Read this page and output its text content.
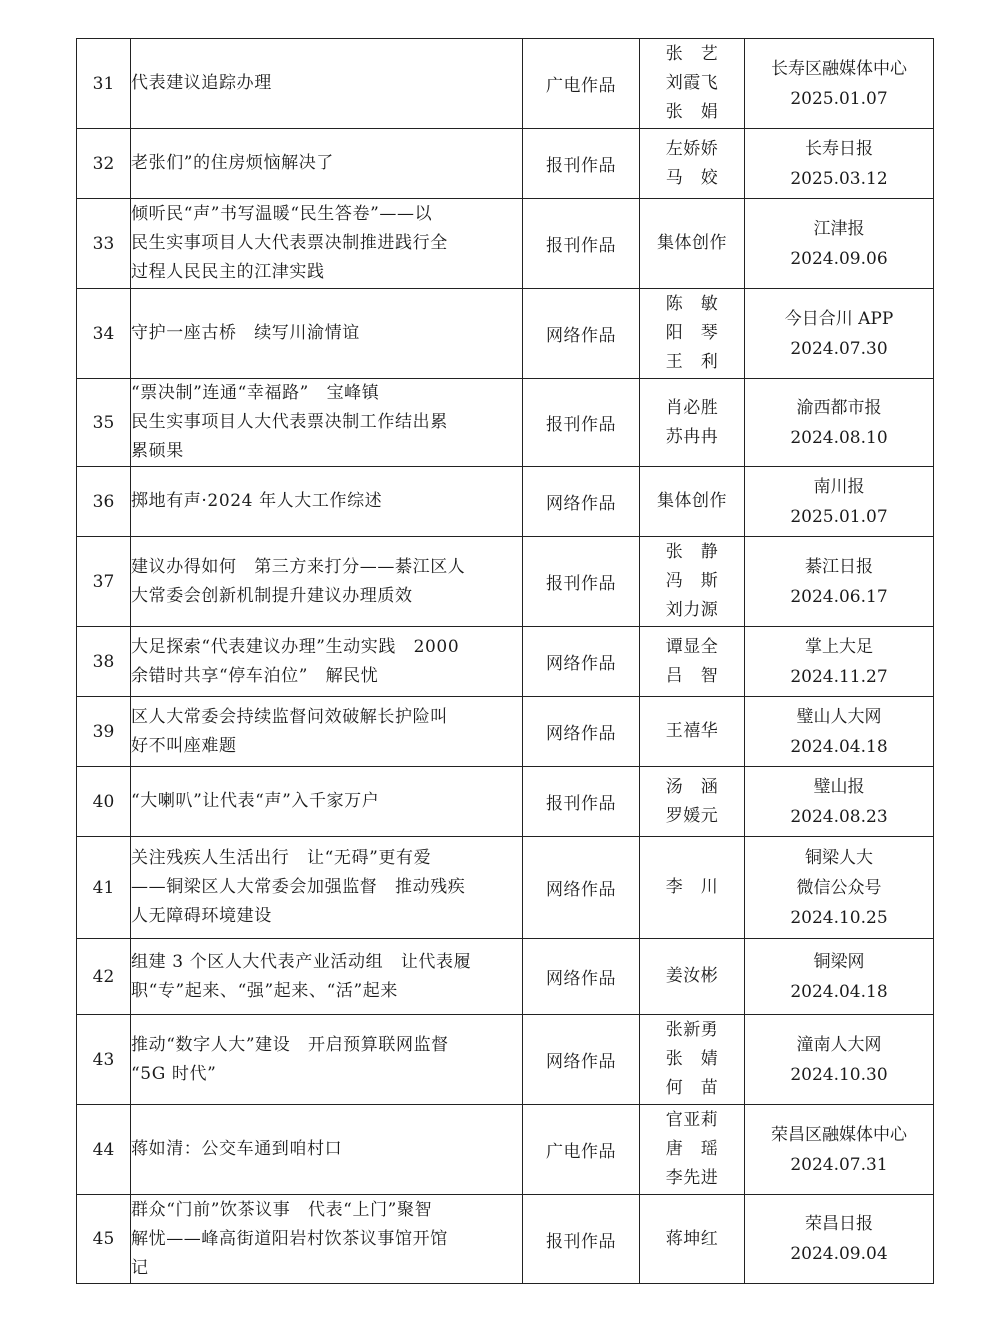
31	代表建议追踪办理	广电作品	张　艺
刘霞飞
张　娟	长寿区融媒体中心
2025.01.07

32	老张们”的住房烦恼解决了	报刊作品	左娇娇
马　姣	长寿日报
2025.03.12

33	倾听民“声”书写温暖“民生答卷”——以
民生实事项目人大代表票决制推进践行全
过程人民民主的江津实践	报刊作品	集体创作	江津报
2024.09.06

34	守护一座古桥　续写川渝情谊	网络作品	陈　敏
阳　琴
王　利	今日合川 APP
2024.07.30

35	“票决制”连通“幸福路”　宝峰镇
民生实事项目人大代表票决制工作结出累
累硕果	报刊作品	肖必胜
苏冉冉	渝西都市报
2024.08.10

36	掷地有声·2024 年人大工作综述	网络作品	集体创作	南川报
2025.01.07

37	建议办得如何　第三方来打分——綦江区人
大常委会创新机制提升建议办理质效	报刊作品	张　静
冯　斯
刘力源	綦江日报
2024.06.17

38	大足探索“代表建议办理”生动实践　2000
余错时共享“停车泊位”　解民忧	网络作品	谭显全
吕　智	掌上大足
2024.11.27

39	区人大常委会持续监督问效破解长护险叫
好不叫座难题	网络作品	王禧华	璧山人大网
2024.04.18

40	“大喇叭”让代表“声”入千家万户	报刊作品	汤　涵
罗媛元	璧山报
2024.08.23

41	关注残疾人生活出行　让“无碍”更有爱
——铜梁区人大常委会加强监督　推动残疾
人无障碍环境建设	网络作品	李　川	铜梁人大
微信公众号
2024.10.25

42	组建 3 个区人大代表产业活动组　让代表履
职“专”起来、“强”起来、“活”起来	网络作品	姜汝彬	铜梁网
2024.04.18

43	推动“数字人大”建设　开启预算联网监督
“5G 时代”	网络作品	张新勇
张　婧
何　苗	潼南人大网
2024.10.30

44	蒋如清：公交车通到咱村口	广电作品	官亚莉
唐　瑶
李先进	荣昌区融媒体中心
2024.07.31

45	群众“门前”饮茶议事　代表“上门”聚智
解忧——峰高街道阳岩村饮茶议事馆开馆
记	报刊作品	蒋坤红	荣昌日报
2024.09.04
